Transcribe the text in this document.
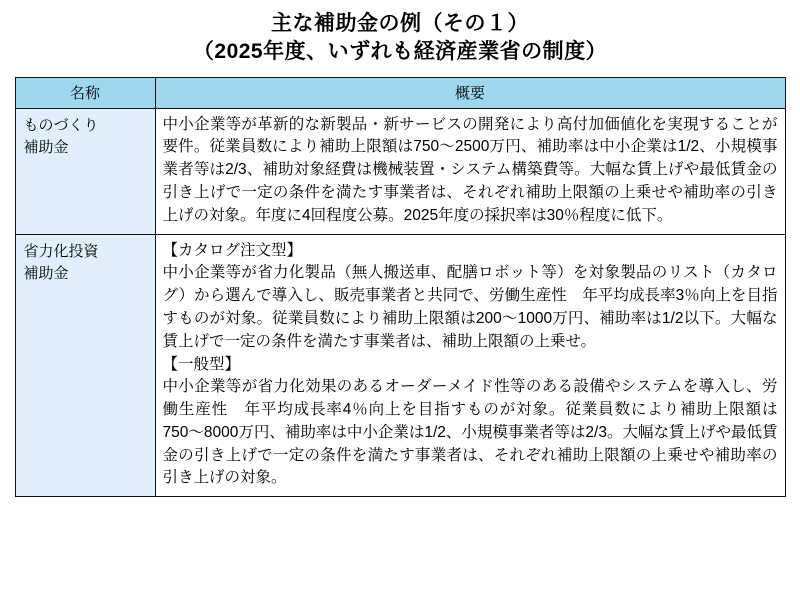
主な補助金の例（その１）
（2025年度、いずれも経済産業省の制度）
名称	概要

ものづくり
補助金	中小企業等が革新的な新製品・新サービスの開発により高付加価値化を実現することが要件。従業員数により補助上限額は750〜2500万円、補助率は中小企業は1/2、小規模事業者等は2/3、補助対象経費は機械装置・システム構築費等。大幅な賃上げや最低賃金の引き上げで一定の条件を満たす事業者は、それぞれ補助上限額の上乗せや補助率の引き上げの対象。年度に4回程度公募。2025年度の採択率は30％程度に低下。

省力化投資
補助金	【カタログ注文型】
中小企業等が省力化製品（無人搬送車、配膳ロボット等）を対象製品のリスト（カタログ）から選んで導入し、販売事業者と共同で、労働生産性　年平均成長率3％向上を目指すものが対象。従業員数により補助上限額は200〜1000万円、補助率は1/2以下。大幅な賃上げで一定の条件を満たす事業者は、補助上限額の上乗せ。
【一般型】
中小企業等が省力化効果のあるオーダーメイド性等のある設備やシステムを導入し、労働生産性　年平均成長率4％向上を目指すものが対象。従業員数により補助上限額は750〜8000万円、補助率は中小企業は1/2、小規模事業者等は2/3。大幅な賃上げや最低賃金の引き上げで一定の条件を満たす事業者は、それぞれ補助上限額の上乗せや補助率の引き上げの対象。
